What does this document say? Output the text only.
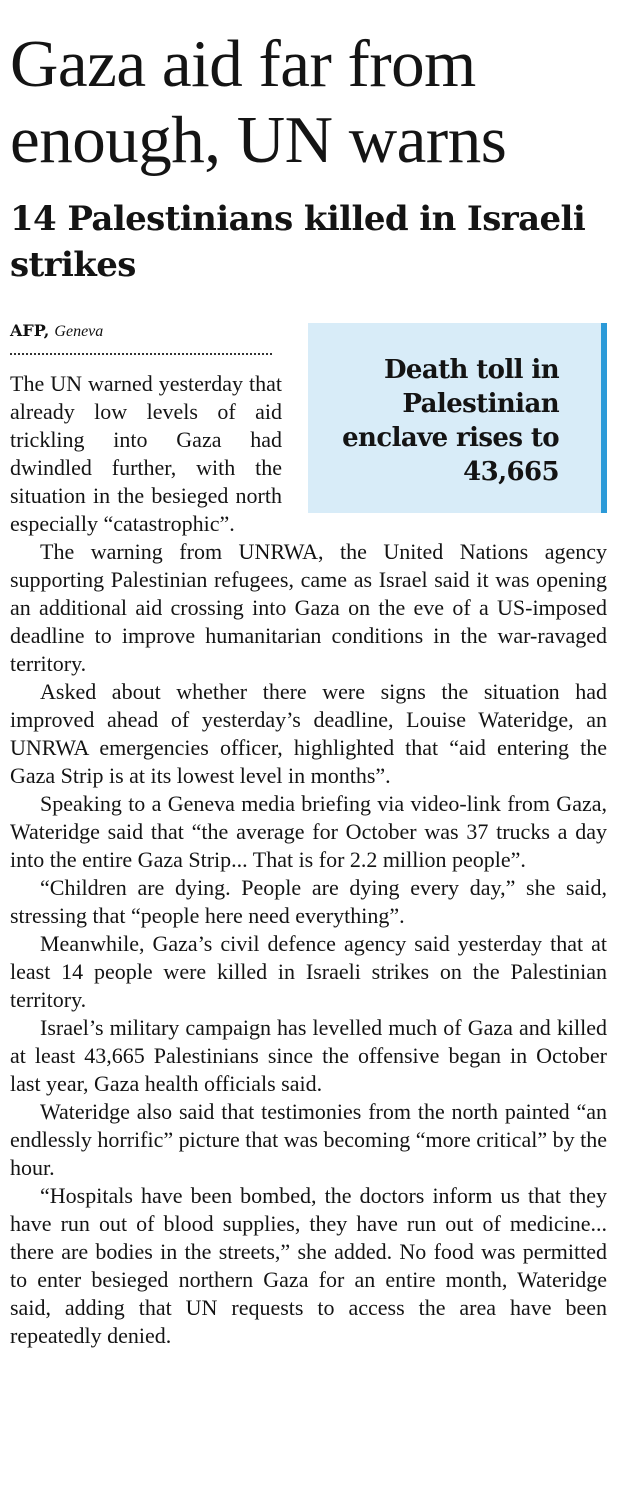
Gaza aid far from enough, UN warns
14 Palestinians killed in Israeli strikes
AFP, Geneva
Death toll in Palestinian enclave rises to 43,665

The UN warned yesterday that already low levels of aid trickling into Gaza had dwindled further, with the situation in the besieged north especially “catastrophic”.

The warning from UNRWA, the United Nations agency supporting Palestinian refugees, came as Israel said it was opening an additional aid crossing into Gaza on the eve of a US-imposed deadline to improve humanitarian conditions in the war-ravaged territory.

Asked about whether there were signs the situation had improved ahead of yesterday’s deadline, Louise Wateridge, an UNRWA emergencies officer, highlighted that “aid entering the Gaza Strip is at its lowest level in months”.

Speaking to a Geneva media briefing via video-link from Gaza, Wateridge said that “the average for October was 37 trucks a day into the entire Gaza Strip... That is for 2.2 million people”.

“Children are dying. People are dying every day,” she said, stressing that “people here need everything”.

Meanwhile, Gaza’s civil defence agency said yesterday that at least 14 people were killed in Israeli strikes on the Palestinian territory.

Israel’s military campaign has levelled much of Gaza and killed at least 43,665 Palestinians since the offensive began in October last year, Gaza health officials said.

Wateridge also said that testimonies from the north painted “an endlessly horrific” picture that was becoming “more critical” by the hour.

“Hospitals have been bombed, the doctors inform us that they have run out of blood supplies, they have run out of medicine... there are bodies in the streets,” she added. No food was permitted to enter besieged northern Gaza for an entire month, Wateridge said, adding that UN requests to access the area have been repeatedly denied.
